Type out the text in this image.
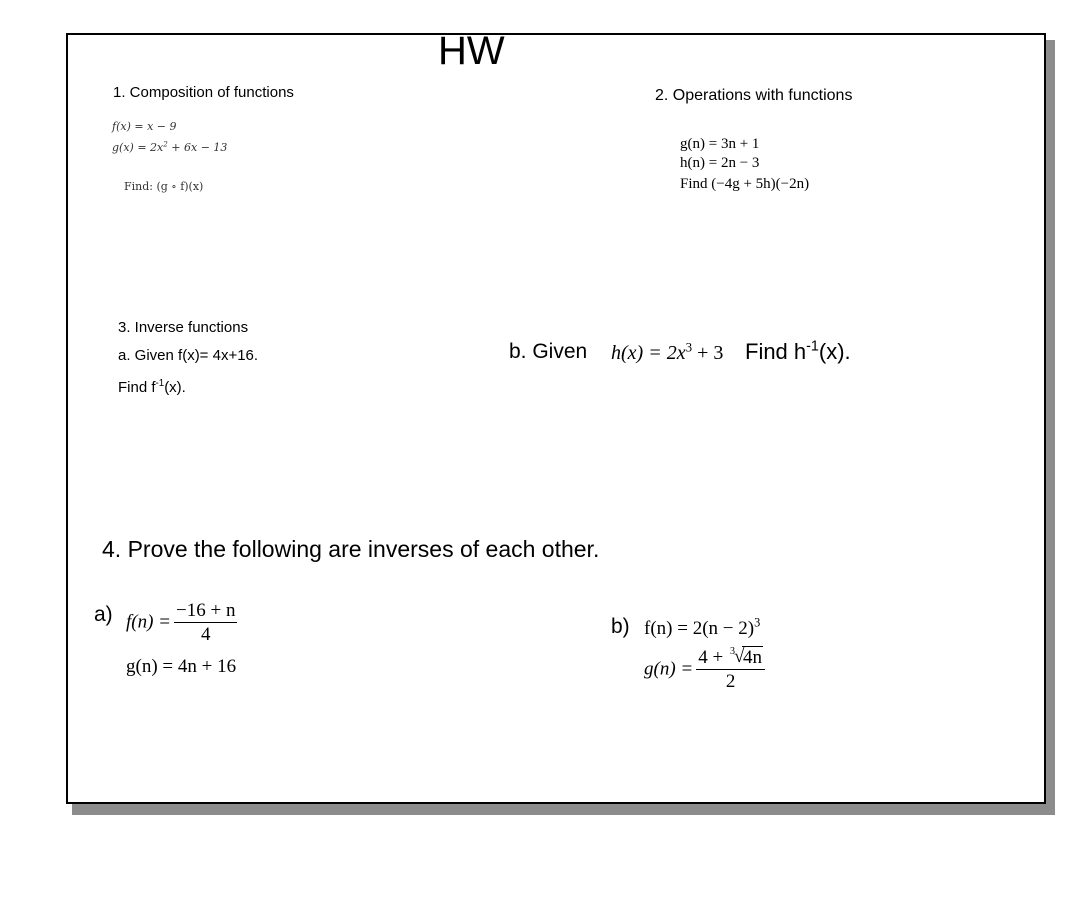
HW
1. Composition of functions
f(x) = x − 9
$g(x) = 2x^2 + 6x - 13$
Find: (g ∘ f)(x)
2. Operations with functions
g(n) = 3n + 1
h(n) = 2n − 3
Find (−4g + 5h)(−2n)
3. Inverse functions
a. Given f(x)= 4x+16.
Find $f^{-1}(x)$.
b. Given $h(x) = 2x^3 + 3$ Find $h^{-1}(x)$.
4. Prove the following are inverses of each other.
a) $f(n) = \frac{-16 + n}{4}$
g(n) = 4n + 16
b) $f(n) = 2(n - 2)^3$
g(n) = 4 + 3 √
4n
2
